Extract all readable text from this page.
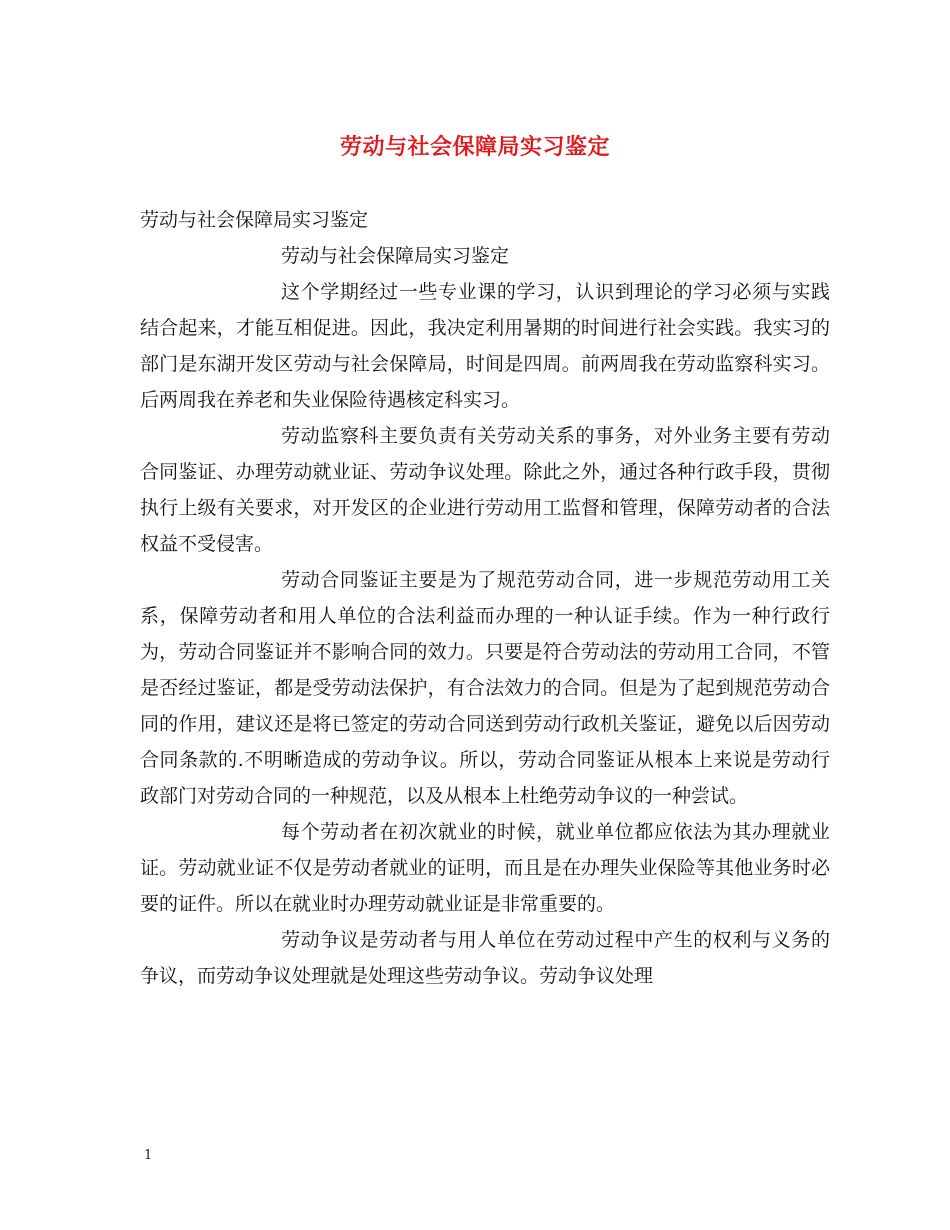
劳动与社会保障局实习鉴定

劳动与社会保障局实习鉴定

劳动与社会保障局实习鉴定

这个学期经过一些专业课的学习，认识到理论的学习必须与实践结合起来，才能互相促进。因此，我决定利用暑期的时间进行社会实践。我实习的部门是东湖开发区劳动与社会保障局，时间是四周。前两周我在劳动监察科实习。后两周我在养老和失业保险待遇核定科实习。

劳动监察科主要负责有关劳动关系的事务，对外业务主要有劳动合同鉴证、办理劳动就业证、劳动争议处理。除此之外，通过各种行政手段，贯彻执行上级有关要求，对开发区的企业进行劳动用工监督和管理，保障劳动者的合法权益不受侵害。

劳动合同鉴证主要是为了规范劳动合同，进一步规范劳动用工关系，保障劳动者和用人单位的合法利益而办理的一种认证手续。作为一种行政行为，劳动合同鉴证并不影响合同的效力。只要是符合劳动法的劳动用工合同，不管是否经过鉴证，都是受劳动法保护，有合法效力的合同。但是为了起到规范劳动合同的作用，建议还是将已签定的劳动合同送到劳动行政机关鉴证，避免以后因劳动合同条款的.不明晰造成的劳动争议。所以，劳动合同鉴证从根本上来说是劳动行政部门对劳动合同的一种规范，以及从根本上杜绝劳动争议的一种尝试。

每个劳动者在初次就业的时候，就业单位都应依法为其办理就业证。劳动就业证不仅是劳动者就业的证明，而且是在办理失业保险等其他业务时必要的证件。所以在就业时办理劳动就业证是非常重要的。

劳动争议是劳动者与用人单位在劳动过程中产生的权利与义务的争议，而劳动争议处理就是处理这些劳动争议。劳动争议处理

1
